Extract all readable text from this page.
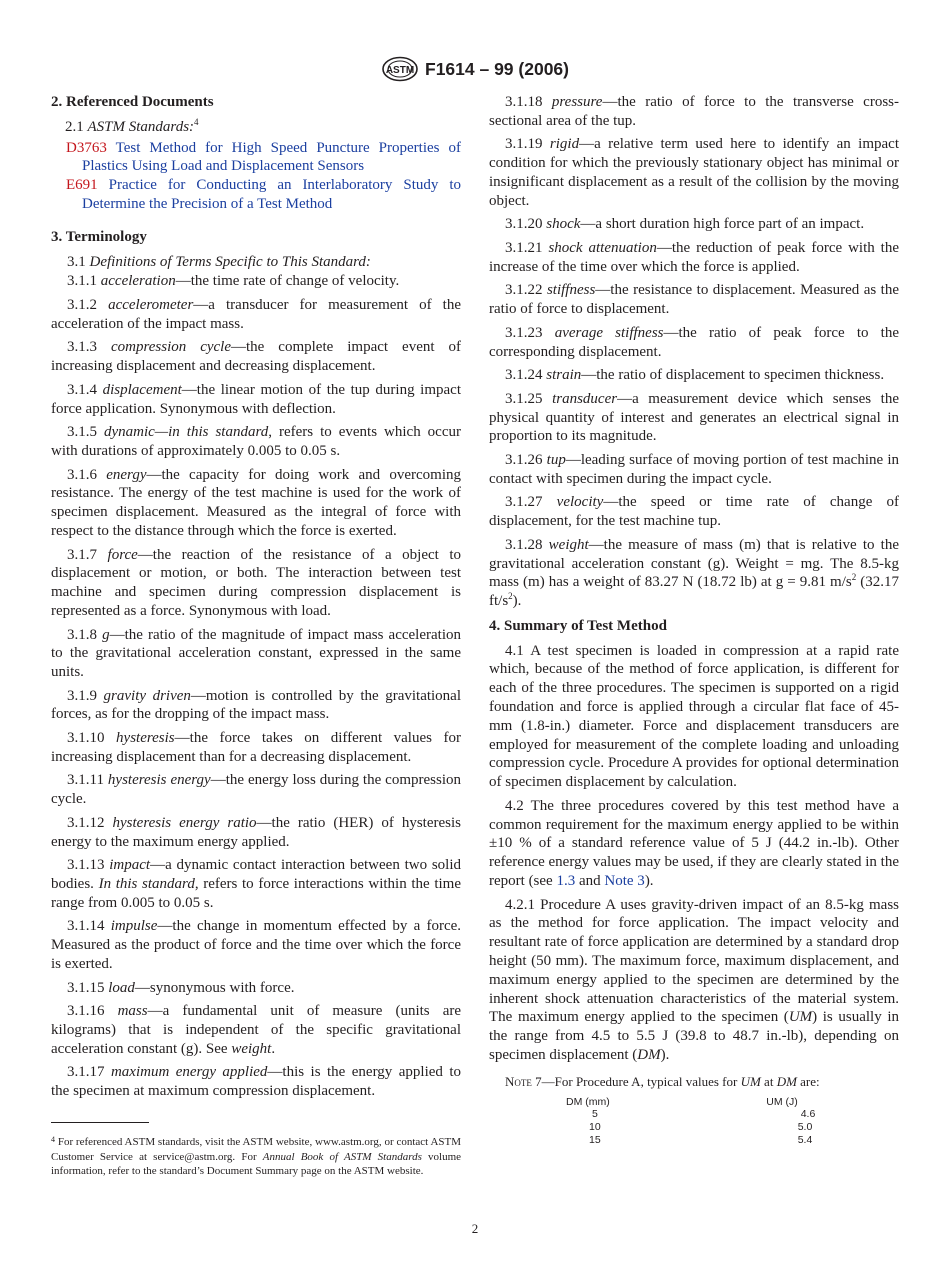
ASTM F1614 – 99 (2006)
2. Referenced Documents

2.1 ASTM Standards:$^4$

D3763 Test Method for High Speed Puncture Properties of Plastics Using Load and Displacement Sensors

E691 Practice for Conducting an Interlaboratory Study to Determine the Precision of a Test Method

3. Terminology

3.1 Definitions of Terms Specific to This Standard:

3.1.1 acceleration—the time rate of change of velocity.

3.1.2 accelerometer—a transducer for measurement of the acceleration of the impact mass.

3.1.3 compression cycle—the complete impact event of increasing displacement and decreasing displacement.

3.1.4 displacement—the linear motion of the tup during impact force application. Synonymous with deflection.

3.1.5 dynamic—in this standard, refers to events which occur with durations of approximately 0.005 to 0.05 s.

3.1.6 energy—the capacity for doing work and overcoming resistance. The energy of the test machine is used for the work of specimen displacement. Measured as the integral of force with respect to the distance through which the force is exerted.

3.1.7 force—the reaction of the resistance of a object to displacement or motion, or both. The interaction between test machine and specimen during compression displacement is represented as a force. Synonymous with load.

3.1.8 g—the ratio of the magnitude of impact mass acceleration to the gravitational acceleration constant, expressed in the same units.

3.1.9 gravity driven—motion is controlled by the gravitational forces, as for the dropping of the impact mass.

3.1.10 hysteresis—the force takes on different values for increasing displacement than for a decreasing displacement.

3.1.11 hysteresis energy—the energy loss during the compression cycle.

3.1.12 hysteresis energy ratio—the ratio (HER) of hysteresis energy to the maximum energy applied.

3.1.13 impact—a dynamic contact interaction between two solid bodies. In this standard, refers to force interactions within the time range from 0.005 to 0.05 s.

3.1.14 impulse—the change in momentum effected by a force. Measured as the product of force and the time over which the force is exerted.

3.1.15 load—synonymous with force.

3.1.16 mass—a fundamental unit of measure (units are kilograms) that is independent of the specific gravitational acceleration constant (g). See weight.

3.1.17 maximum energy applied—this is the energy applied to the specimen at maximum compression displacement.

$^4$ For referenced ASTM standards, visit the ASTM website, www.astm.org, or contact ASTM Customer Service at service@astm.org. For Annual Book of ASTM Standards volume information, refer to the standard’s Document Summary page on the ASTM website.

3.1.18 pressure—the ratio of force to the transverse cross-sectional area of the tup.

3.1.19 rigid—a relative term used here to identify an impact condition for which the previously stationary object has minimal or insignificant displacement as a result of the collision by the moving object.

3.1.20 shock—a short duration high force part of an impact.

3.1.21 shock attenuation—the reduction of peak force with the increase of the time over which the force is applied.

3.1.22 stiffness—the resistance to displacement. Measured as the ratio of force to displacement.

3.1.23 average stiffness—the ratio of peak force to the corresponding displacement.

3.1.24 strain—the ratio of displacement to specimen thickness.

3.1.25 transducer—a measurement device which senses the physical quantity of interest and generates an electrical signal in proportion to its magnitude.

3.1.26 tup—leading surface of moving portion of test machine in contact with specimen during the impact cycle.

3.1.27 velocity—the speed or time rate of change of displacement, for the test machine tup.

3.1.28 weight—the measure of mass (m) that is relative to the gravitational acceleration constant (g). Weight = mg. The 8.5-kg mass (m) has a weight of 83.27 N (18.72 lb) at g = 9.81 $m/s^2$ (32.17 $ft/s^2$).

4. Summary of Test Method

4.1 A test specimen is loaded in compression at a rapid rate which, because of the method of force application, is different for each of the three procedures. The specimen is supported on a rigid foundation and force is applied through a circular flat face of 45-mm (1.8-in.) diameter. Force and displacement transducers are employed for measurement of the complete loading and unloading compression cycle. Procedure A provides for optional determination of specimen displacement by calculation.

4.2 The three procedures covered by this test method have a common requirement for the maximum energy applied to be within ±10 % of a standard reference value of 5 J (44.2 in.-lb). Other reference energy values may be used, if they are clearly stated in the report (see 1.3 and Note 3).

4.2.1 Procedure A uses gravity-driven impact of an 8.5-kg mass as the method for force application. The impact velocity and resultant rate of force application are determined by a standard drop height (50 mm). The maximum force, maximum displacement, and maximum energy applied to the specimen are determined by the inherent shock attenuation characteristics of the material system. The maximum energy applied to the specimen (UM) is usually in the range from 4.5 to 5.5 J (39.8 to 48.7 in.-lb), depending on specimen displacement (DM).

Note 7—For Procedure A, typical values for UM at DM are:
DM (mm)	UM (J)
5	4.6
10	5.0
15	5.4
2
